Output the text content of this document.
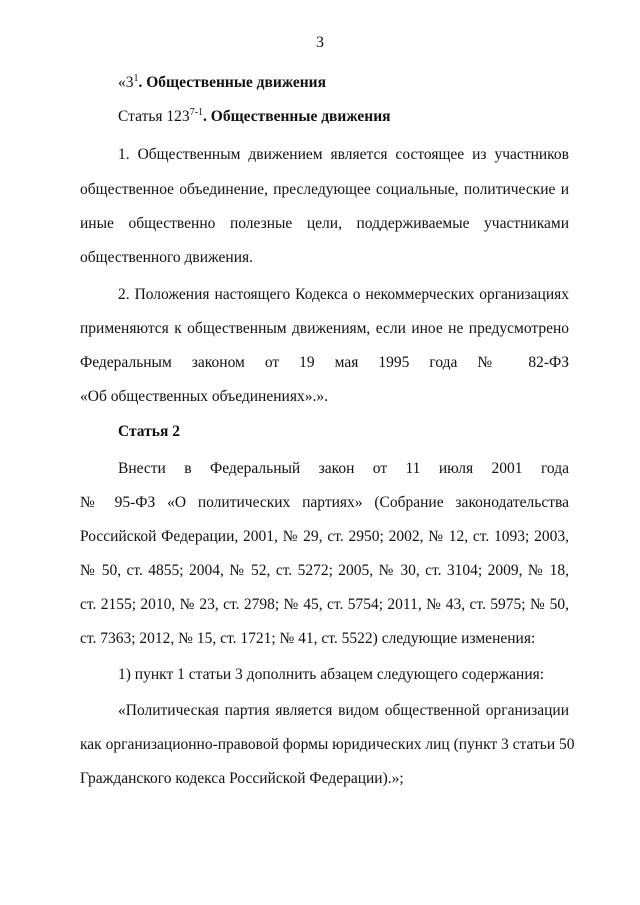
3
«$3^1$. Общественные движения
Статья 123$^{7-1}$. Общественные движения
1. Общественным движением является состоящее из участников
общественное объединение, преследующее социальные, политические и
иные общественно полезные цели, поддерживаемые участниками
общественного движения.
2. Положения настоящего Кодекса о некоммерческих организациях
применяются к общественным движениям, если иное не предусмотрено
Федеральным законом от 19 мая 1995 года № 82-ФЗ
«Об общественных объединениях».».
Статья 2
Внести в Федеральный закон от 11 июля 2001 года
№ 95-ФЗ «О политических партиях» (Собрание законодательства
Российской Федерации, 2001, № 29, ст. 2950; 2002, № 12, ст. 1093; 2003,
№ 50, ст. 4855; 2004, № 52, ст. 5272; 2005, № 30, ст. 3104; 2009, № 18,
ст. 2155; 2010, № 23, ст. 2798; № 45, ст. 5754; 2011, № 43, ст. 5975; № 50,
ст. 7363; 2012, № 15, ст. 1721; № 41, ст. 5522) следующие изменения:
1) пункт 1 статьи 3 дополнить абзацем следующего содержания:
«Политическая партия является видом общественной организации
как организационно-правовой формы юридических лиц (пункт 3 статьи 50
Гражданского кодекса Российской Федерации).»;
